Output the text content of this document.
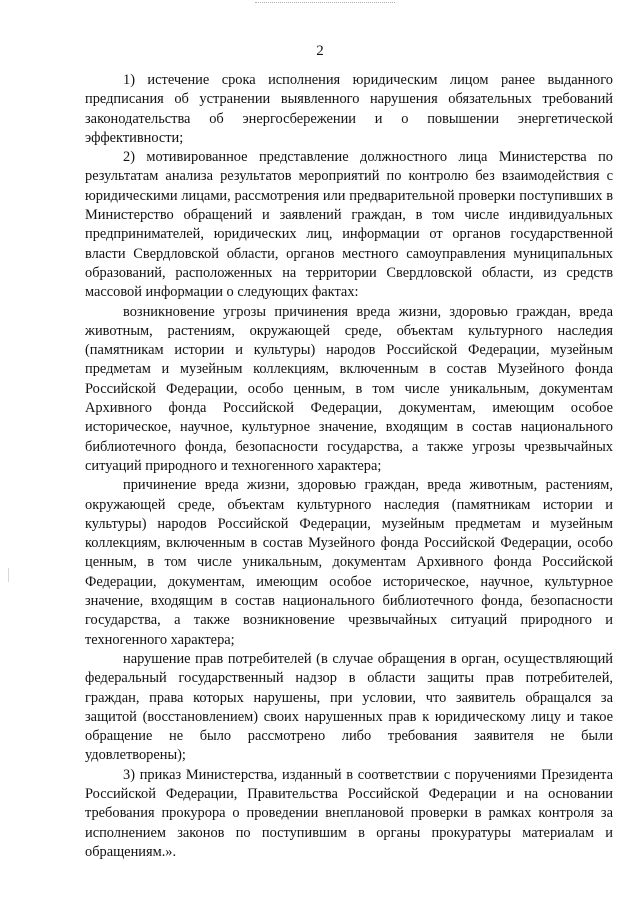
2

1) истечение срока исполнения юридическим лицом ранее выданного предписания об устранении выявленного нарушения обязательных требований законодательства об энергосбережении и о повышении энергетической эффективности;

2) мотивированное представление должностного лица Министерства по результатам анализа результатов мероприятий по контролю без взаимодействия с юридическими лицами, рассмотрения или предварительной проверки поступивших в Министерство обращений и заявлений граждан, в том числе индивидуальных предпринимателей, юридических лиц, информации от органов государственной власти Свердловской области, органов местного самоуправления муниципальных образований, расположенных на территории Свердловской области, из средств массовой информации о следующих фактах:

возникновение угрозы причинения вреда жизни, здоровью граждан, вреда животным, растениям, окружающей среде, объектам культурного наследия (памятникам истории и культуры) народов Российской Федерации, музейным предметам и музейным коллекциям, включенным в состав Музейного фонда Российской Федерации, особо ценным, в том числе уникальным, документам Архивного фонда Российской Федерации, документам, имеющим особое историческое, научное, культурное значение, входящим в состав национального библиотечного фонда, безопасности государства, а также угрозы чрезвычайных ситуаций природного и техногенного характера;

причинение вреда жизни, здоровью граждан, вреда животным, растениям, окружающей среде, объектам культурного наследия (памятникам истории и культуры) народов Российской Федерации, музейным предметам и музейным коллекциям, включенным в состав Музейного фонда Российской Федерации, особо ценным, в том числе уникальным, документам Архивного фонда Российской Федерации, документам, имеющим особое историческое, научное, культурное значение, входящим в состав национального библиотечного фонда, безопасности государства, а также возникновение чрезвычайных ситуаций природного и техногенного характера;

нарушение прав потребителей (в случае обращения в орган, осуществляющий федеральный государственный надзор в области защиты прав потребителей, граждан, права которых нарушены, при условии, что заявитель обращался за защитой (восстановлением) своих нарушенных прав к юридическому лицу и такое обращение не было рассмотрено либо требования заявителя не были удовлетворены);

3) приказ Министерства, изданный в соответствии с поручениями Президента Российской Федерации, Правительства Российской Федерации и на основании требования прокурора о проведении внеплановой проверки в рамках контроля за исполнением законов по поступившим в органы прокуратуры материалам и обращениям.».
